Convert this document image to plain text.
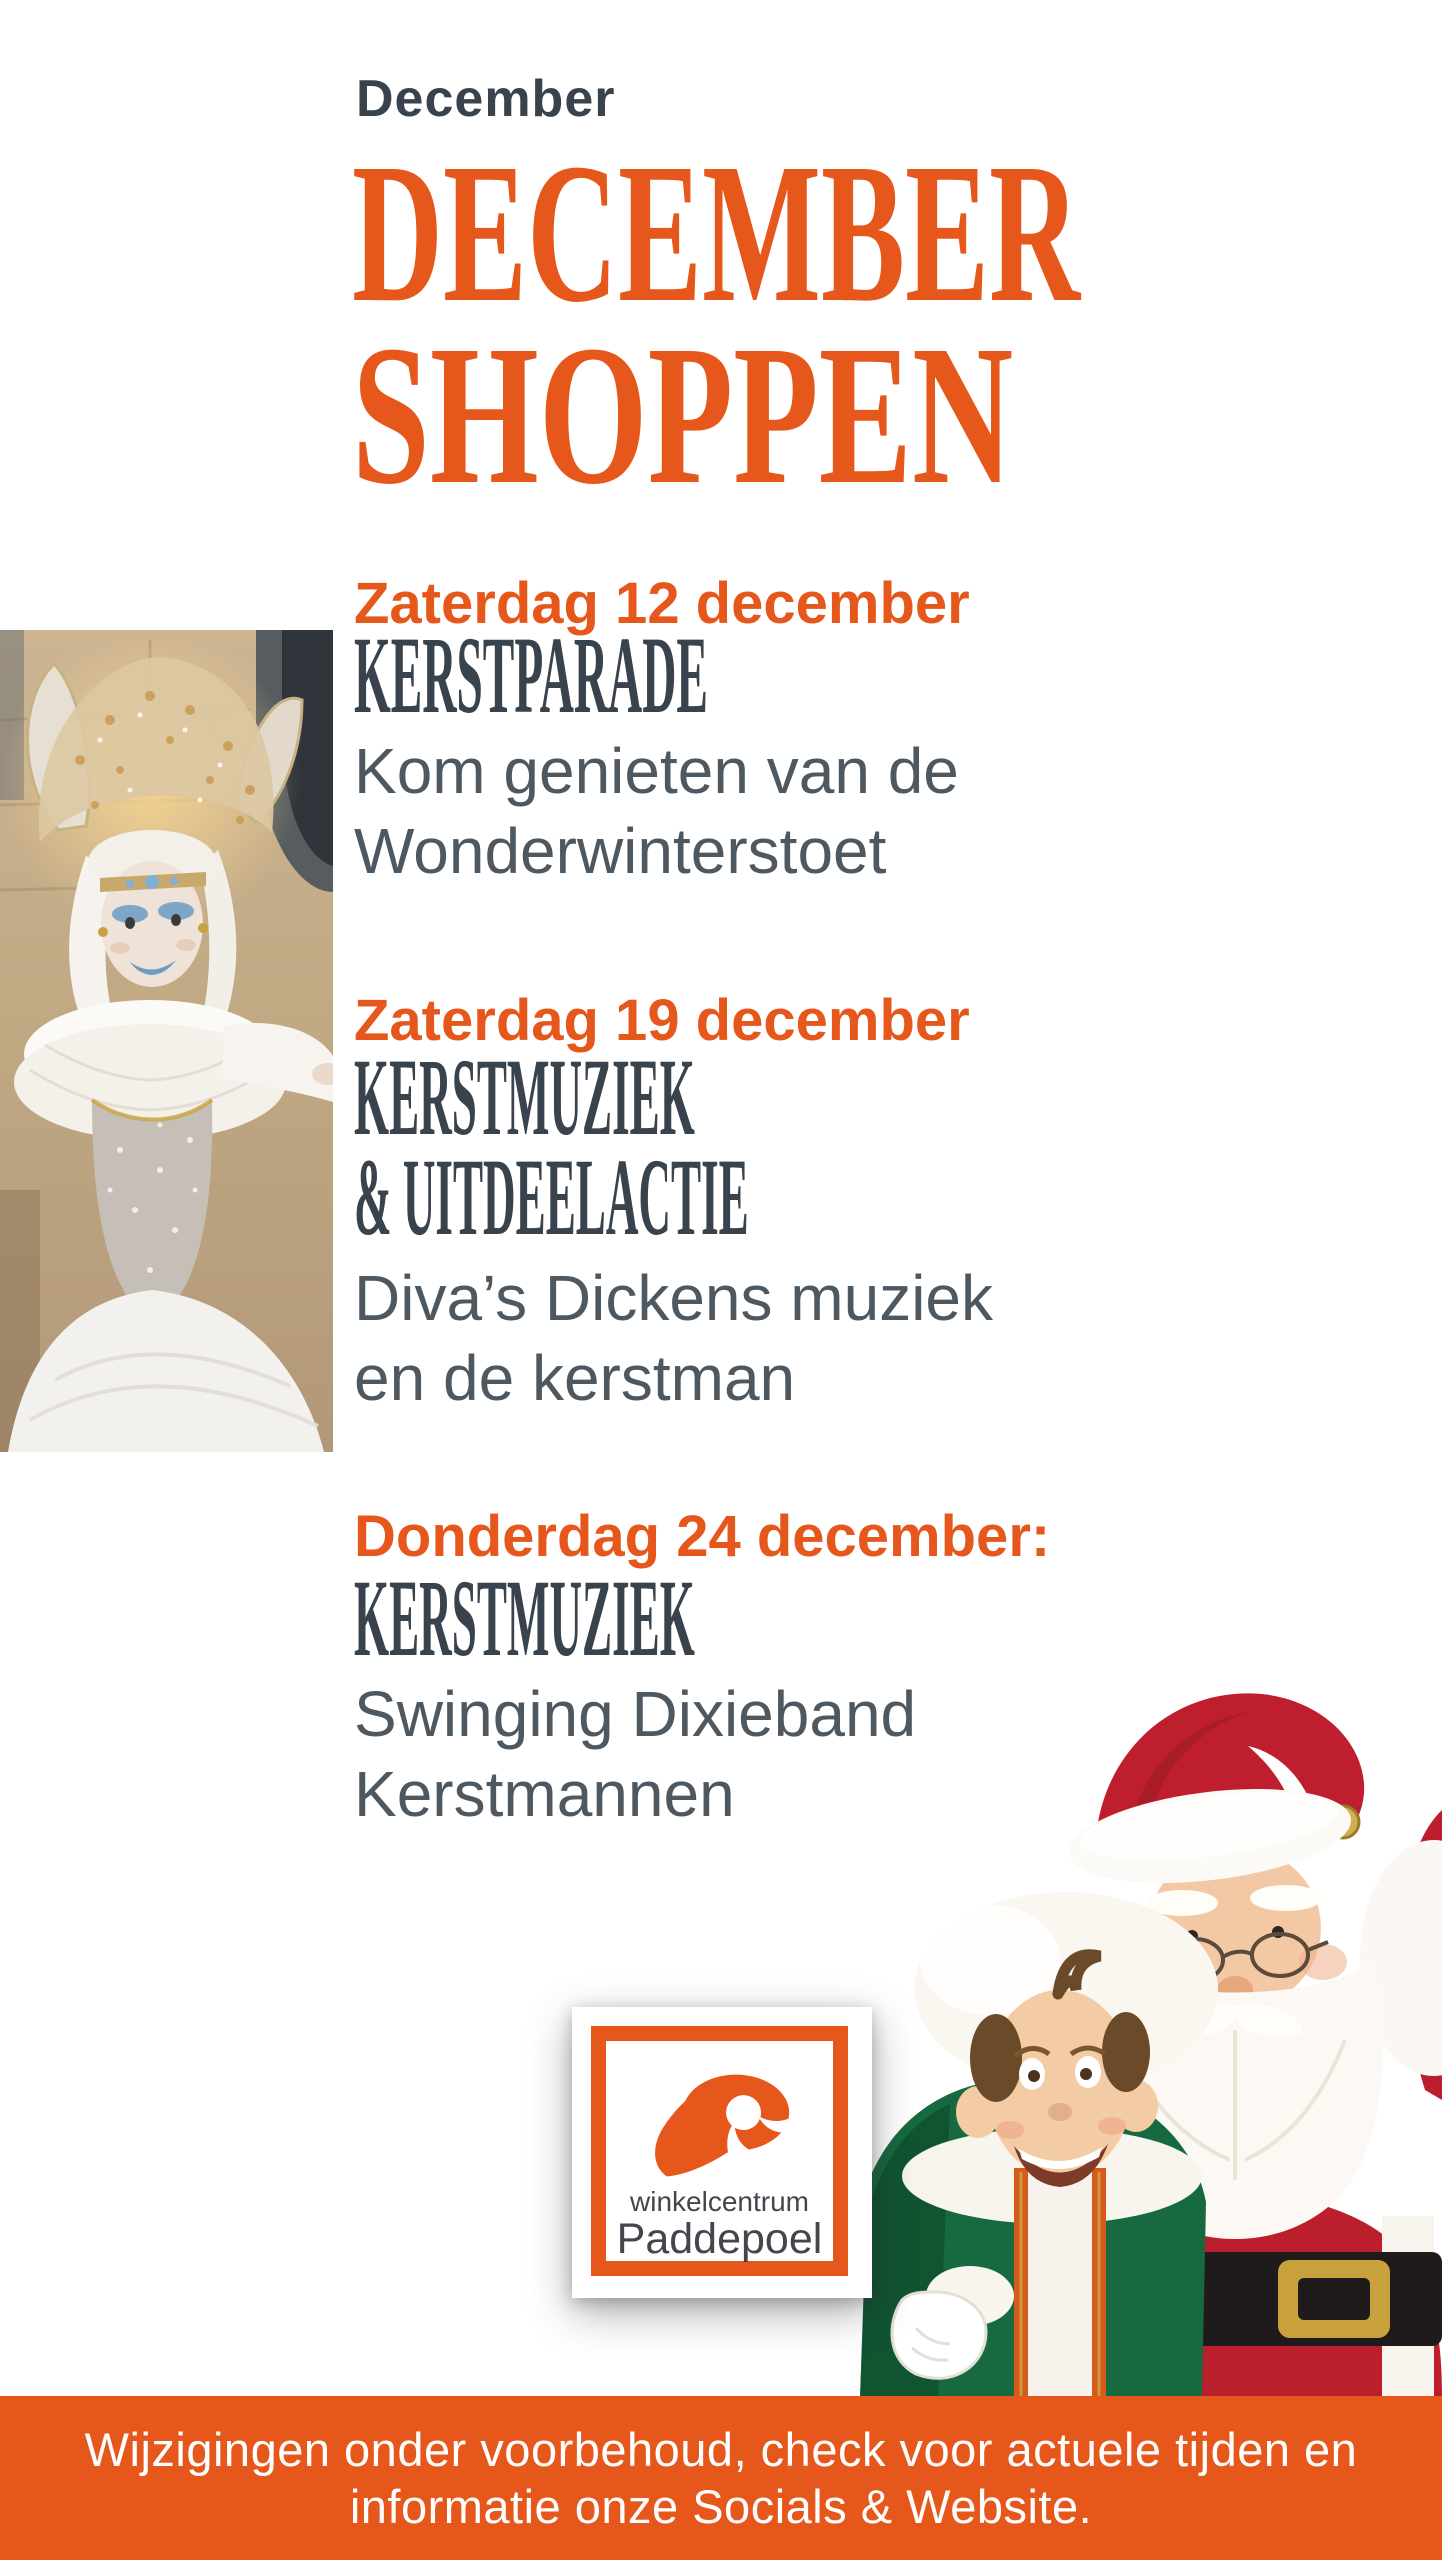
December
DECEMBER
SHOPPEN
Zaterdag 12 december
KERSTPARADE
Kom genieten van de
Wonderwinterstoet
Zaterdag 19 december
KERSTMUZIEK
& UITDEELACTIE
Diva’s Dickens muziek
en de kerstman
Donderdag 24 december:
KERSTMUZIEK
Swinging Dixieband
Kerstmannen
winkelcentrum
Paddepoel
Wijzigingen onder voorbehoud, check voor actuele tijden en
informatie onze Socials & Website.
